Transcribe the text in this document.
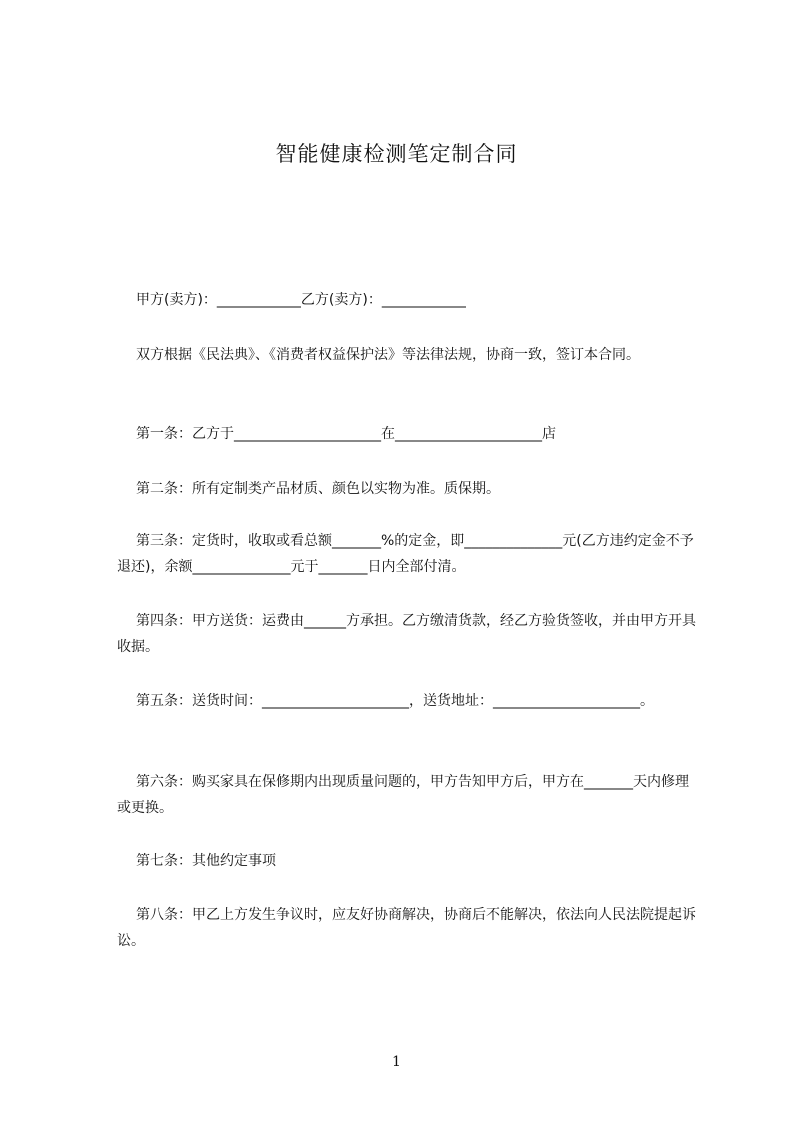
智能健康检测笔定制合同
甲方(卖方)：____________乙方(卖方)：____________
双方根据《民法典》、《消费者权益保护法》等法律法规，协商一致，签订本合同。
第一条：乙方于_____________________在_____________________店
第二条：所有定制类产品材质、颜色以实物为准。质保期。
第三条：定货时，收取或看总额_______%的定金，即______________元(乙方违约定金不予退还)，余额______________元于_______日内全部付清。
第四条：甲方送货：运费由______方承担。乙方缴清货款，经乙方验货签收，并由甲方开具收据。
第五条：送货时间：_____________________，送货地址：_____________________。
第六条：购买家具在保修期内出现质量问题的，甲方告知甲方后，甲方在_______天内修理或更换。
第七条：其他约定事项
第八条：甲乙上方发生争议时，应友好协商解决，协商后不能解决，依法向人民法院提起诉讼。
1
